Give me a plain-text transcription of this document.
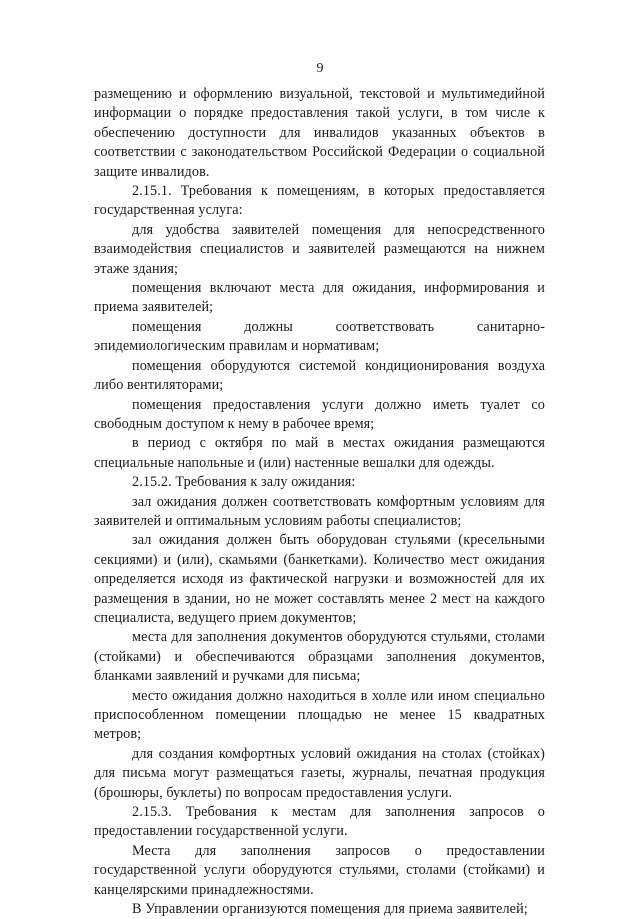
9

размещению и оформлению визуальной, текстовой и мультимедийной информации о порядке предоставления такой услуги, в том числе к обеспечению доступности для инвалидов указанных объектов в соответствии с законодательством Российской Федерации о социальной защите инвалидов.

2.15.1. Требования к помещениям, в которых предоставляется государственная услуга:

для удобства заявителей помещения для непосредственного взаимодействия специалистов и заявителей размещаются на нижнем этаже здания;

помещения включают места для ожидания, информирования и приема заявителей;

помещения должны соответствовать санитарно-эпидемиологическим правилам и нормативам;

помещения оборудуются системой кондиционирования воздуха либо вентиляторами;

помещения предоставления услуги должно иметь туалет со свободным доступом к нему в рабочее время;

в период с октября по май в местах ожидания размещаются специальные напольные и (или) настенные вешалки для одежды.

2.15.2. Требования к залу ожидания:

зал ожидания должен соответствовать комфортным условиям для заявителей и оптимальным условиям работы специалистов;

зал ожидания должен быть оборудован стульями (кресельными секциями) и (или), скамьями (банкетками). Количество мест ожидания определяется исходя из фактической нагрузки и возможностей для их размещения в здании, но не может составлять менее 2 мест на каждого специалиста, ведущего прием документов;

места для заполнения документов оборудуются стульями, столами (стойками) и обеспечиваются образцами заполнения документов, бланками заявлений и ручками для письма;

место ожидания должно находиться в холле или ином специально приспособленном помещении площадью не менее 15 квадратных метров;

для создания комфортных условий ожидания на столах (стойках) для письма могут размещаться газеты, журналы, печатная продукция (брошюры, буклеты) по вопросам предоставления услуги.

2.15.3. Требования к местам для заполнения запросов о предоставлении государственной услуги.

Места для заполнения запросов о предоставлении государственной услуги оборудуются стульями, столами (стойками) и канцелярскими принадлежностями.

В Управлении организуются помещения для приема заявителей;
